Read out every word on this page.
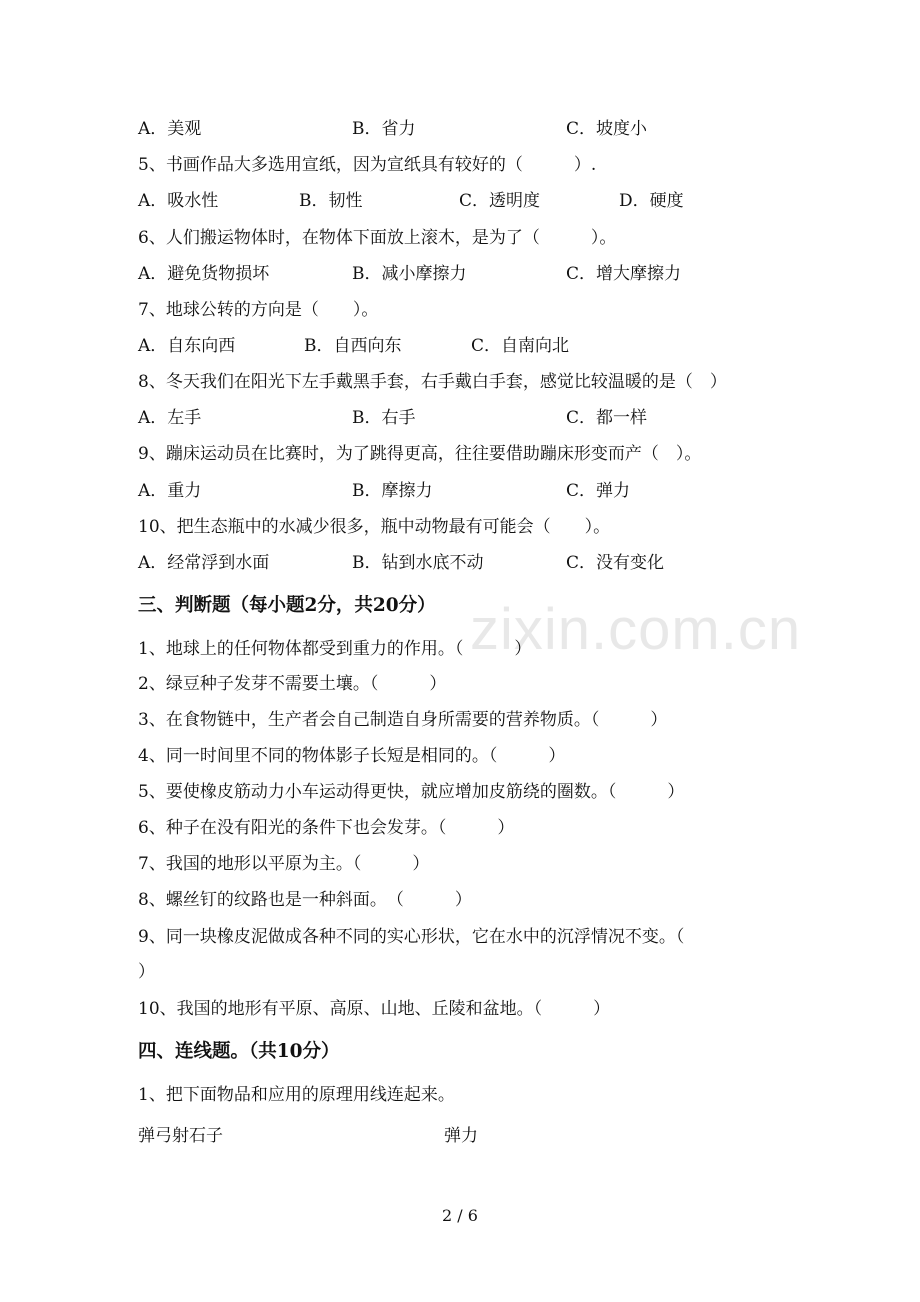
zixin.com.cn
A．美观	B．省力	C．坡度小
5、书画作品大多选用宣纸，因为宣纸具有较好的（　　　）.
A．吸水性	B．韧性	C．透明度	D．硬度
6、人们搬运物体时，在物体下面放上滚木，是为了（　　　）。
A．避免货物损坏	B．减小摩擦力	C．增大摩擦力
7、地球公转的方向是（　　）。
A．自东向西	B．自西向东	C．自南向北
8、冬天我们在阳光下左手戴黑手套，右手戴白手套，感觉比较温暖的是（　）
A．左手	B．右手	C．都一样
9、蹦床运动员在比赛时，为了跳得更高，往往要借助蹦床形变而产（　）。
A．重力	B．摩擦力	C．弹力
10、把生态瓶中的水减少很多，瓶中动物最有可能会（　　）。
A．经常浮到水面	B．钻到水底不动	C．没有变化
三、判断题（每小题2分，共20分）
1、地球上的任何物体都受到重力的作用。（　　　）
2、绿豆种子发芽不需要土壤。（　　　）
3、在食物链中，生产者会自己制造自身所需要的营养物质。（　　　）
4、同一时间里不同的物体影子长短是相同的。（　　　）
5、要使橡皮筋动力小车运动得更快，就应增加皮筋绕的圈数。（　　　）
6、种子在没有阳光的条件下也会发芽。（　　　）
7、我国的地形以平原为主。（　　　）
8、螺丝钉的纹路也是一种斜面。　（　　　）
9、同一块橡皮泥做成各种不同的实心形状，它在水中的沉浮情况不变。（
）
10、我国的地形有平原、高原、山地、丘陵和盆地。（　　　）
四、连线题。（共10分）
1、把下面物品和应用的原理用线连起来。
弹弓射石子	弹力
2 / 6
